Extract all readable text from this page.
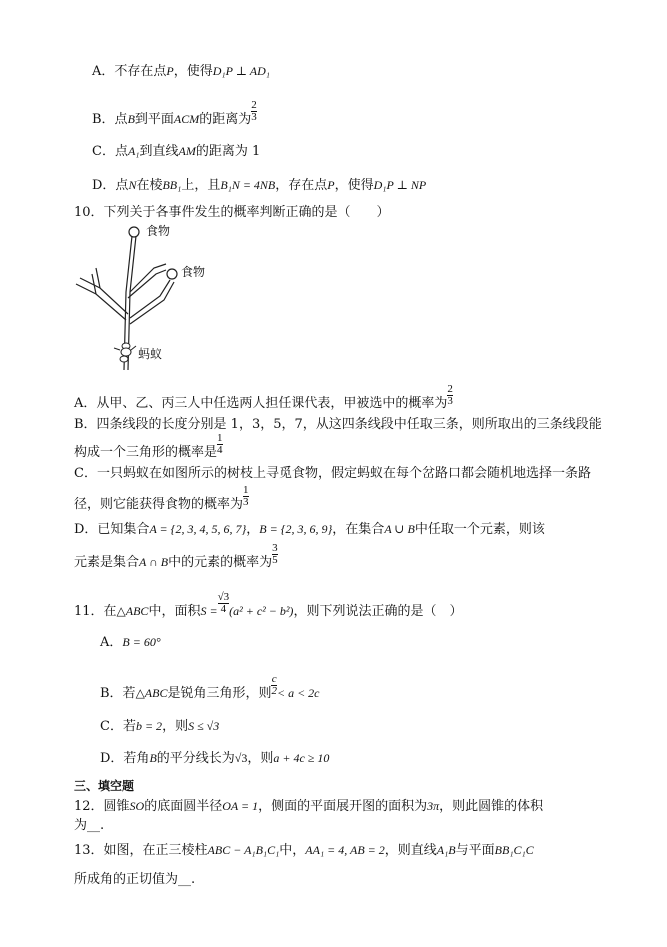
A．不存在点P，使得D₁P ⊥ AD₁
B．点B到平面ACM的距离为 $\frac{2}{3}$
C．点A₁到直线AM的距离为 1
D．点N在棱BB₁上，且B₁N = 4NB，存在点P，使得D₁P ⊥ NP
10．下列关于各事件发生的概率判断正确的是（　　）
食物
食物
蚂蚁
A．从甲、乙、丙三人中任选两人担任课代表，甲被选中的概率为 $\frac{2}{3}$
B．四条线段的长度分别是 1，3，5，7，从这四条线段中任取三条，则所取出的三条线段能
构成一个三角形的概率是 $\frac{1}{4}$
C．一只蚂蚁在如图所示的树枝上寻觅食物，假定蚂蚁在每个岔路口都会随机地选择一条路
径，则它能获得食物的概率为 $\frac{1}{3}$
D．已知集合A = {2, 3, 4, 5, 6, 7}，B = {2, 3, 6, 9}，在集合A ∪ B中任取一个元素，则该
元素是集合A ∩ B中的元素的概率为 $\frac{3}{5}$
11．在△ABC中，面积$S = \frac{√3}{4} (a^2 + c^2 - b^2)$，则下列说法正确的是（　）
A．B = 60°
B．若△ABC是锐角三角形，则 $\frac{c}{2} < a < 2c$
C．若b = 2，则S ≤ √3
D．若角B的平分线长为√3，则a + 4c ≥ 10
三、填空题
12．圆锥SO的底面圆半径OA = 1，侧面的平面展开图的面积为3π，则此圆锥的体积
为__.
13．如图，在正三棱柱ABC − A₁B₁C₁中，AA₁ = 4, AB = 2，则直线A₁B与平面BB₁C₁C
所成角的正切值为__.
